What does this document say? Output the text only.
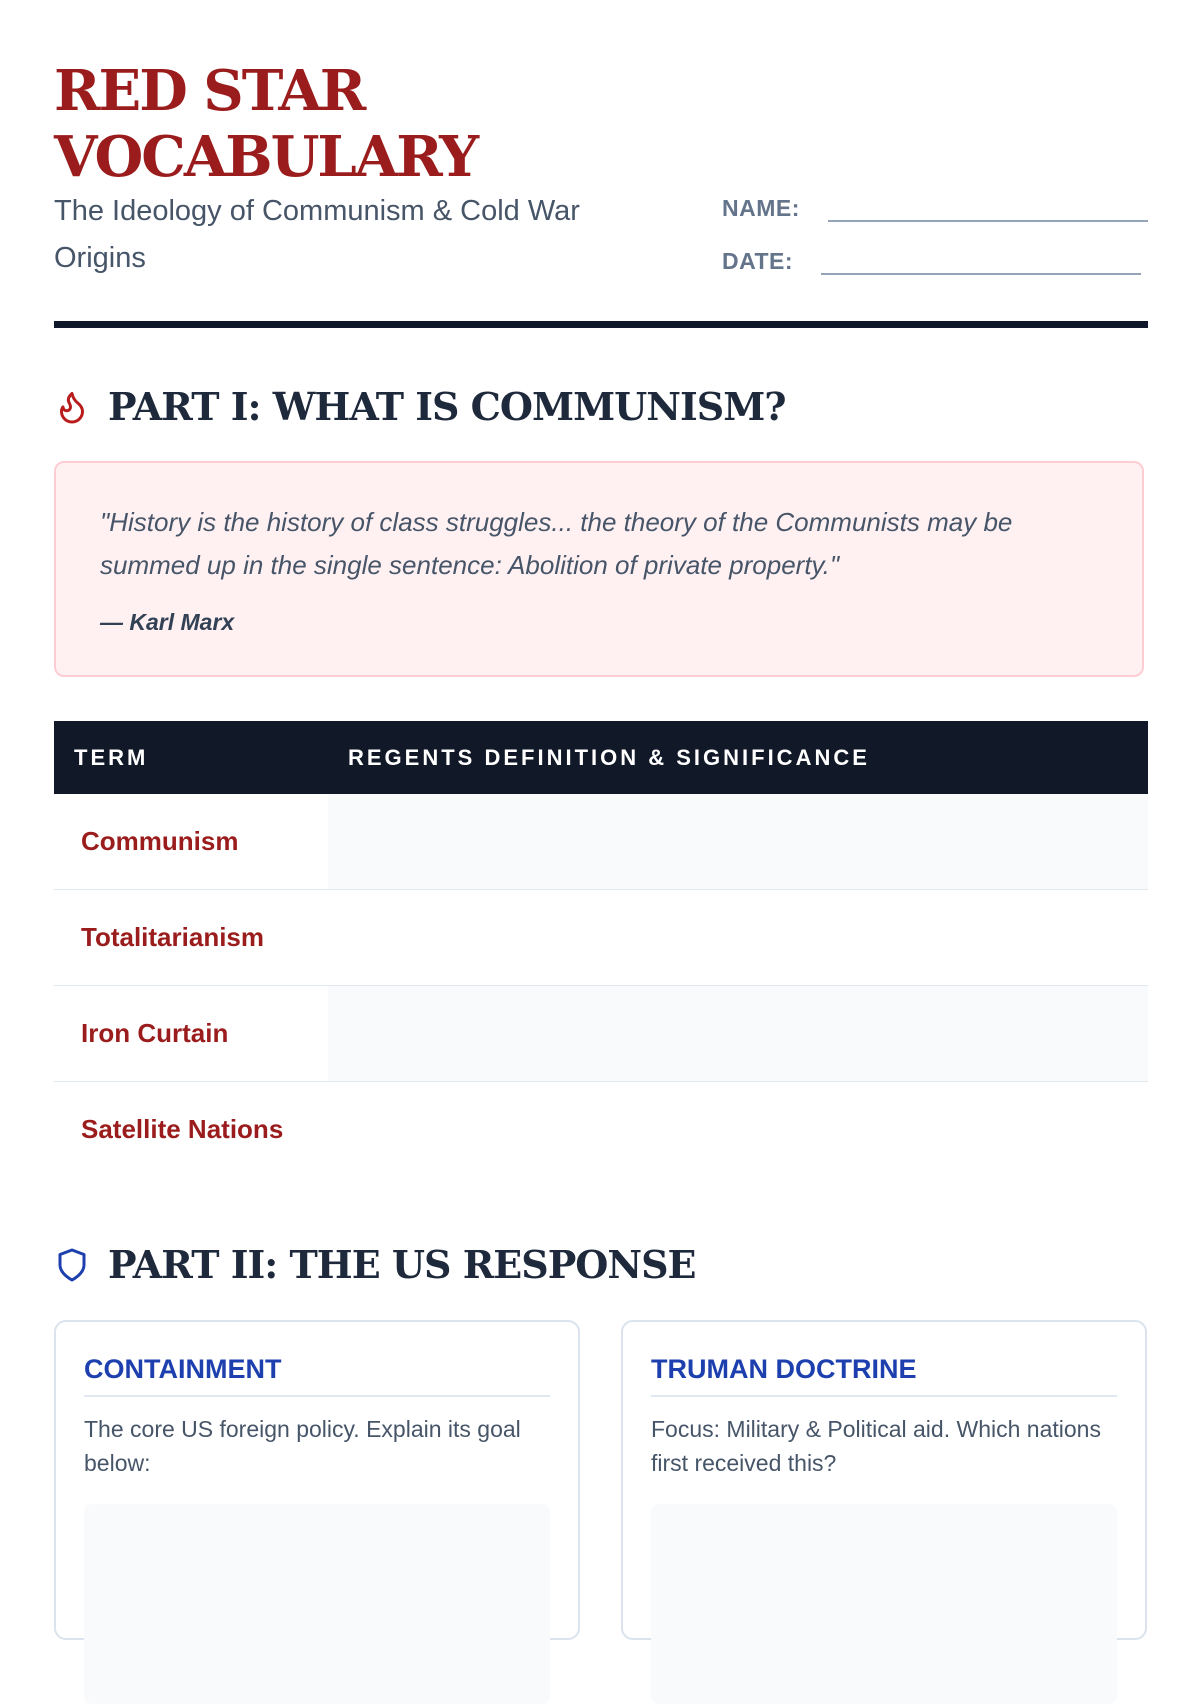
RED STAR
VOCABULARY

The Ideology of Communism & Cold War Origins

NAME:
DATE:
PART I: WHAT IS COMMUNISM?

"History is the history of class struggles... the theory of the Communists may be summed up in the single sentence: Abolition of private property."

— Karl Marx
TERM	REGENTS DEFINITION & SIGNIFICANCE
Communism	
Totalitarianism	
Iron Curtain	
Satellite Nations	
PART II: THE US RESPONSE
CONTAINMENT

The core US foreign policy. Explain its goal below:

TRUMAN DOCTRINE

Focus: Military & Political aid. Which nations first received this?
